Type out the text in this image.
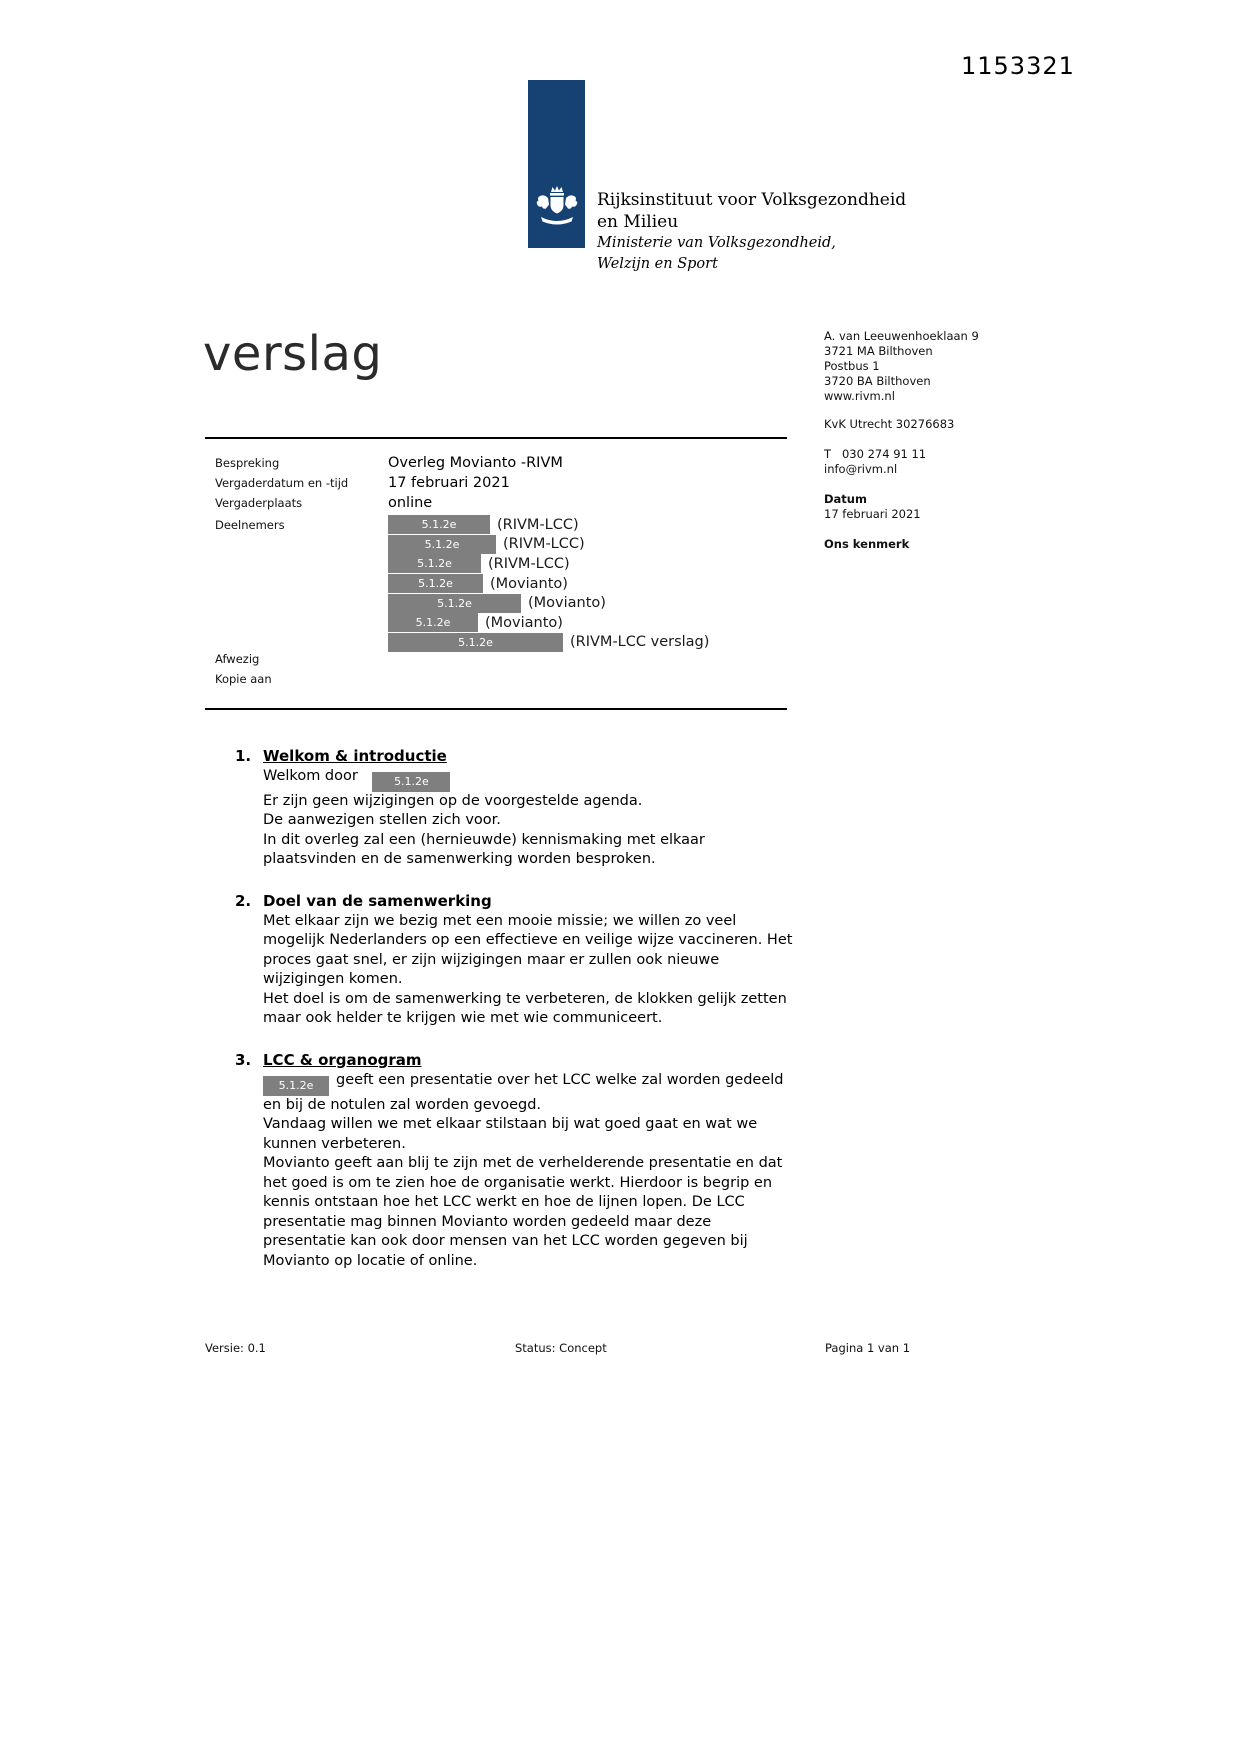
1153321
Rijksinstituut voor Volksgezondheid
en Milieu
Ministerie van Volksgezondheid,
Welzijn en Sport
verslag	A. van Leeuwenhoeklaan 9
3721 MA Bilthoven
Postbus 1
3720 BA Bilthoven
www.rivm.nl
KvK Utrecht 30276683
T   030 274 91 11
info@rivm.nl
Datum
17 februari 2021
Ons kenmerk
Bespreking	Overleg Movianto -RIVM
Vergaderdatum en -tijd	17 februari 2021
Vergaderplaats	online
Deelnemers	5.1.2e	(RIVM-LCC)
5.1.2e	(RIVM-LCC)
5.1.2e	(RIVM-LCC)
5.1.2e	(Movianto)
5.1.2e	(Movianto)
5.1.2e	(Movianto)
5.1.2e	(RIVM-LCC verslag)
Afwezig
Kopie aan
1. Welkom & introductie
Welkom door	5.1.2e

Er zijn geen wijzigingen op de voorgestelde agenda.

De aanwezigen stellen zich voor.

In dit overleg zal een (hernieuwde) kennismaking met elkaar plaatsvinden en de samenwerking worden besproken.

2. Doel van de samenwerking

Met elkaar zijn we bezig met een mooie missie; we willen zo veel mogelijk Nederlanders op een effectieve en veilige wijze vaccineren. Het proces gaat snel, er zijn wijzigingen maar er zullen ook nieuwe wijzigingen komen.

Het doel is om de samenwerking te verbeteren, de klokken gelijk zetten maar ook helder te krijgen wie met wie communiceert.

3. LCC & organogram

5.1.2e geeft een presentatie over het LCC welke zal worden gedeeld en bij de notulen zal worden gevoegd.

Vandaag willen we met elkaar stilstaan bij wat goed gaat en wat we kunnen verbeteren.

Movianto geeft aan blij te zijn met de verhelderende presentatie en dat het goed is om te zien hoe de organisatie werkt. Hierdoor is begrip en kennis ontstaan hoe het LCC werkt en hoe de lijnen lopen. De LCC presentatie mag binnen Movianto worden gedeeld maar deze presentatie kan ook door mensen van het LCC worden gegeven bij Movianto op locatie of online.

Versie: 0.1	Status: Concept	Pagina 1 van 1
